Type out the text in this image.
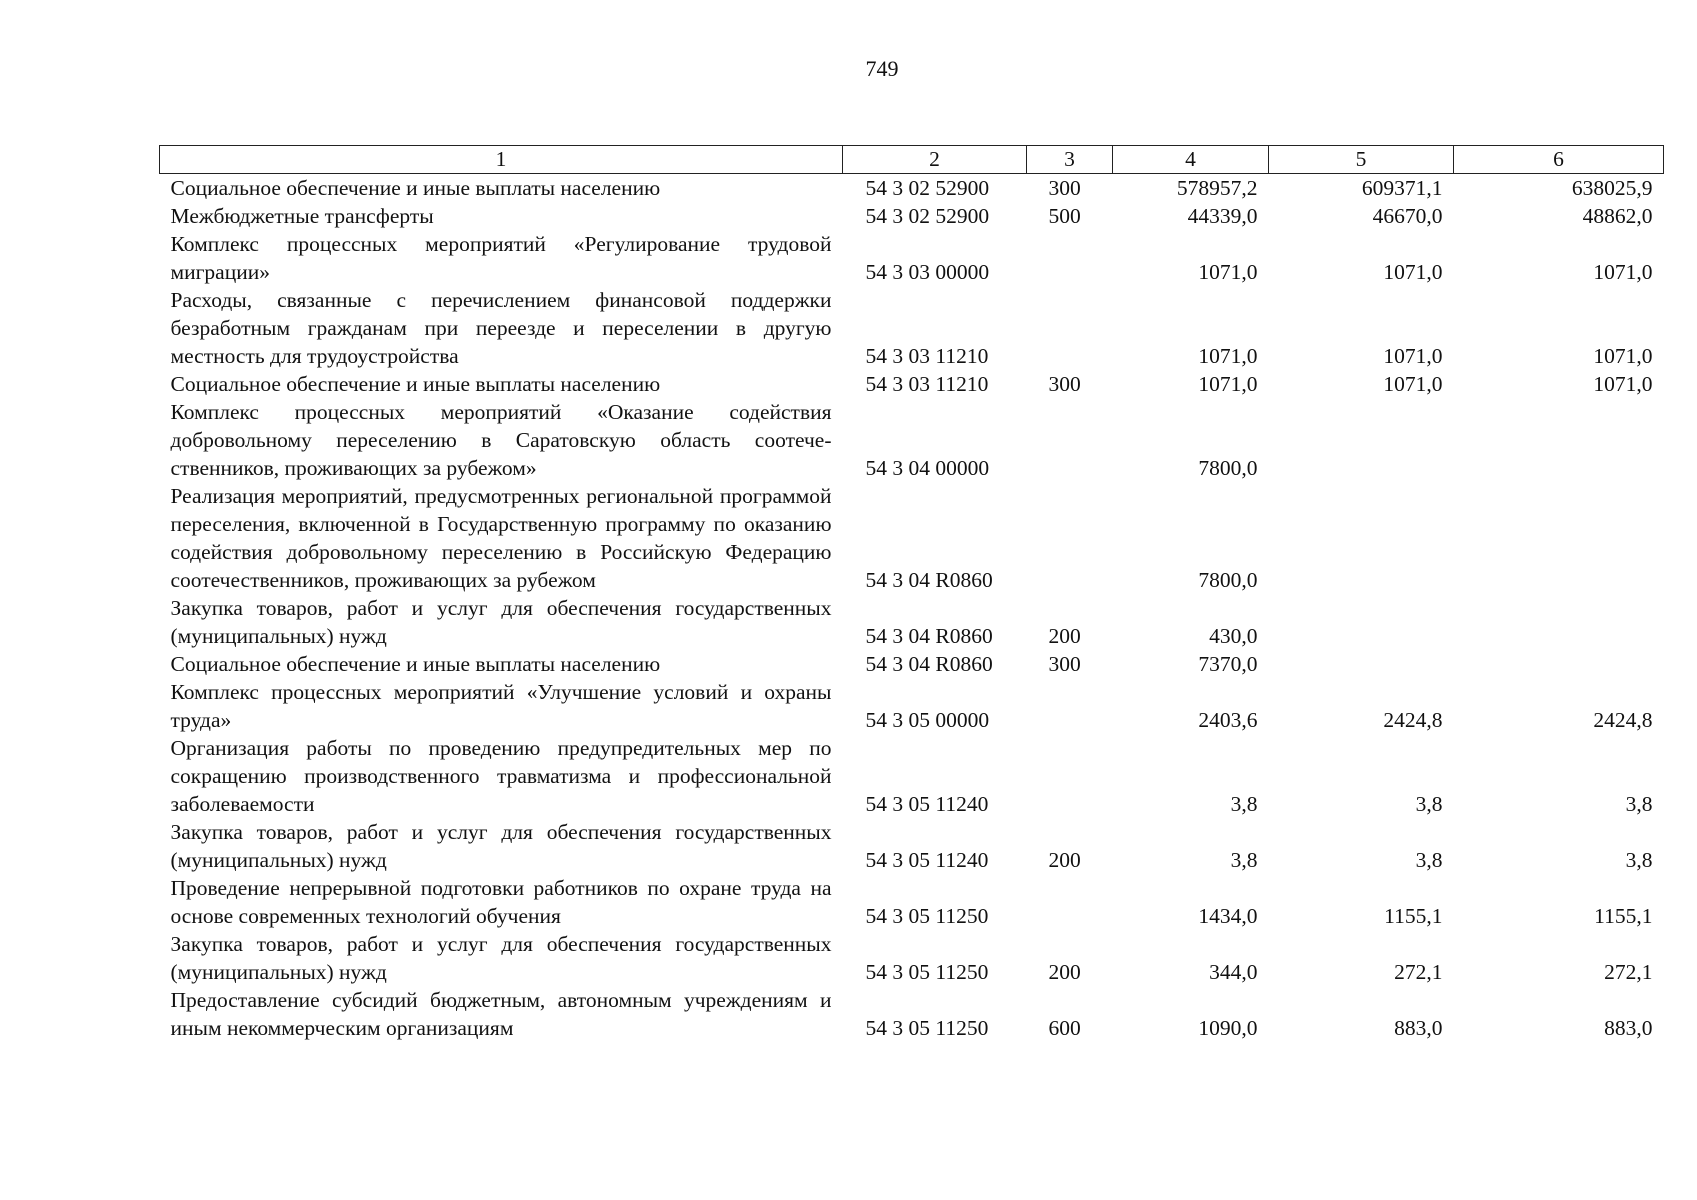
749
1	2	3	4	5	6
Социальное обеспечение и иные выплаты населению	54 3 02 52900	300	578957,2	609371,1	638025,9
Межбюджетные трансферты	54 3 02 52900	500	44339,0	46670,0	48862,0
Комплекс процессных мероприятий «Регулирование трудовой миграции»	54 3 03 00000		1071,0	1071,0	1071,0
Расходы, связанные с перечислением финансовой поддержки безработным гражданам при переезде и переселении в другую местность для трудоустройства	54 3 03 11210		1071,0	1071,0	1071,0
Социальное обеспечение и иные выплаты населению	54 3 03 11210	300	1071,0	1071,0	1071,0
Комплекс процессных мероприятий «Оказание содействия добровольному переселению в Саратовскую область соотечественников, проживающих за рубежом»	54 3 04 00000		7800,0		
Реализация мероприятий, предусмотренных региональной программой переселения, включенной в Государственную программу по оказанию содействия добровольному переселению в Российскую Федерацию соотечественников, проживающих за рубежом	54 3 04 R0860		7800,0		
Закупка товаров, работ и услуг для обеспечения государственных (муниципальных) нужд	54 3 04 R0860	200	430,0		
Социальное обеспечение и иные выплаты населению	54 3 04 R0860	300	7370,0		
Комплекс процессных мероприятий «Улучшение условий и охраны труда»	54 3 05 00000		2403,6	2424,8	2424,8
Организация работы по проведению предупредительных мер по сокращению производственного травматизма и профессиональной заболеваемости	54 3 05 11240		3,8	3,8	3,8
Закупка товаров, работ и услуг для обеспечения государственных (муниципальных) нужд	54 3 05 11240	200	3,8	3,8	3,8
Проведение непрерывной подготовки работников по охране труда на основе современных технологий обучения	54 3 05 11250		1434,0	1155,1	1155,1
Закупка товаров, работ и услуг для обеспечения государственных (муниципальных) нужд	54 3 05 11250	200	344,0	272,1	272,1
Предоставление субсидий бюджетным, автономным учреждениям и иным некоммерческим организациям	54 3 05 11250	600	1090,0	883,0	883,0
